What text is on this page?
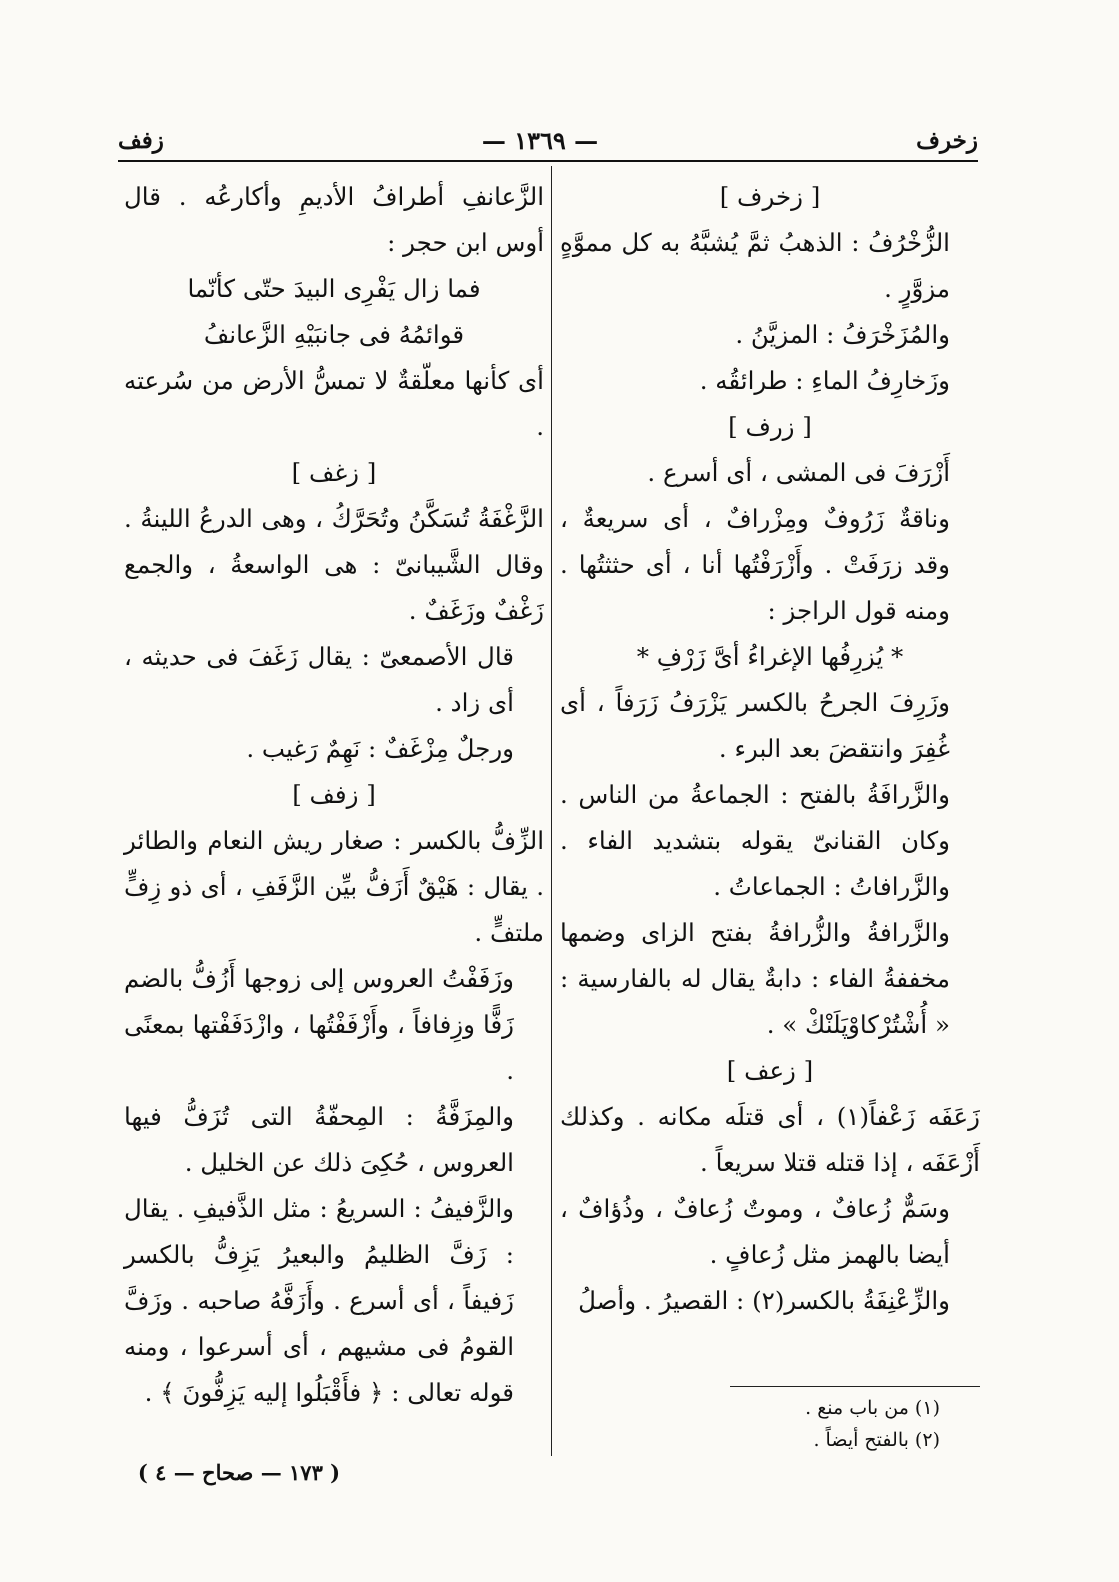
زخرف
— ١٣٦٩ —
زفف

[ زخرف ]

الزُّخْرُفُ : الذهبُ ثمَّ يُشبَّهُ به كل مموَّهٍ مزوَّرٍ .

والمُزَخْرَفُ : المزيَّنُ .

وزَخارِفُ الماءِ : طرائقُه .

[ زرف ]

أَزْرَفَ فى المشى ، أى أسرع .

وناقةٌ زَرُوفٌ ومِزْرافٌ ، أى سريعةٌ ، وقد زرَفَتْ . وأَزْرَفْتُها أنا ، أى حثثتُها . ومنه قول الراجز :

* يُزرِفُها الإغراءُ أىَّ زَرْفِ *

وزَرِفَ الجرحُ بالكسر يَزْرَفُ زَرَفاً ، أى غُفِرَ وانتقضَ بعد البرء .

والزَّرافَةُ بالفتح : الجماعةُ من الناس . وكان القنانىّ يقوله بتشديد الفاء . والزَّرافاتُ : الجماعاتُ .

والزَّرافةُ والزُّرافةُ بفتح الزاى وضمها مخففةُ الفاء : دابةٌ يقال له بالفارسية : « أُشْتُرْكاوْپَلَنْكْ » .

[ زعف ]

زَعَفَه زَعْفاً(١) ، أى قتلَه مكانه . وكذلك أَزْعَفَه ، إذا قتله قتلا سريعاً .

وسَمٌّ زُعافٌ ، وموتٌ زُعافٌ ، وذُؤافٌ ، أيضا بالهمز مثل زُعافٍ .

والزِّعْنِفَةُ بالكسر(٢) : القصيرُ . وأصلُ

الزَّعانفِ أطرافُ الأديمِ وأكارعُه . قال أوس ابن حجر :

فما زال يَفْرِى البيدَ حتّى كأنّما

قوائمُهُ فى جانبَيْهِ الزَّعانفُ

أى كأنها معلّقةٌ لا تمسُّ الأرض من سُرعته .

[ زغف ]

الزَّغْفَةُ تُسَكَّنُ وتُحَرَّكُ ، وهى الدرعُ اللينةُ . وقال الشَّيبانىّ : هى الواسعةُ ، والجمع زَغْفٌ وزَغَفٌ .

قال الأصمعىّ : يقال زَغَفَ فى حديثه ، أى زاد .

ورجلٌ مِزْغَفٌ : نَهِمٌ رَغيب .

[ زفف ]

الزِّفُّ بالكسر : صغار ريش النعام والطائر . يقال : هَيْقٌ أَزَفُّ بيِّن الزَّفَفِ ، أى ذو زِفٍّ ملتفٍّ .

وزَفَفْتُ العروس إلى زوجها أَزُفُّ بالضم زَفًّا وزِفافاً ، وأَزْفَفْتُها ، وازْدَفَفْتها بمعنًى .

والمِزَفَّةُ : المِحفّةُ التى تُزَفُّ فيها العروس ، حُكِىَ ذلك عن الخليل .

والزَّفيفُ : السريعُ : مثل الذَّفيفِ . يقال : زَفَّ الظليمُ والبعيرُ يَزِفُّ بالكسر زَفيفاً ، أى أسرع . وأَزَفَّهُ صاحبه . وزَفَّ القومُ فى مشيهم ، أى أسرعوا ، ومنه قوله تعالى : ﴿ فأَقْبَلُوا إليه يَزِفُّونَ ﴾ .

(١) من باب منع .

(٢) بالفتح أيضاً .

( ١٧٣ — صحاح — ٤ )
